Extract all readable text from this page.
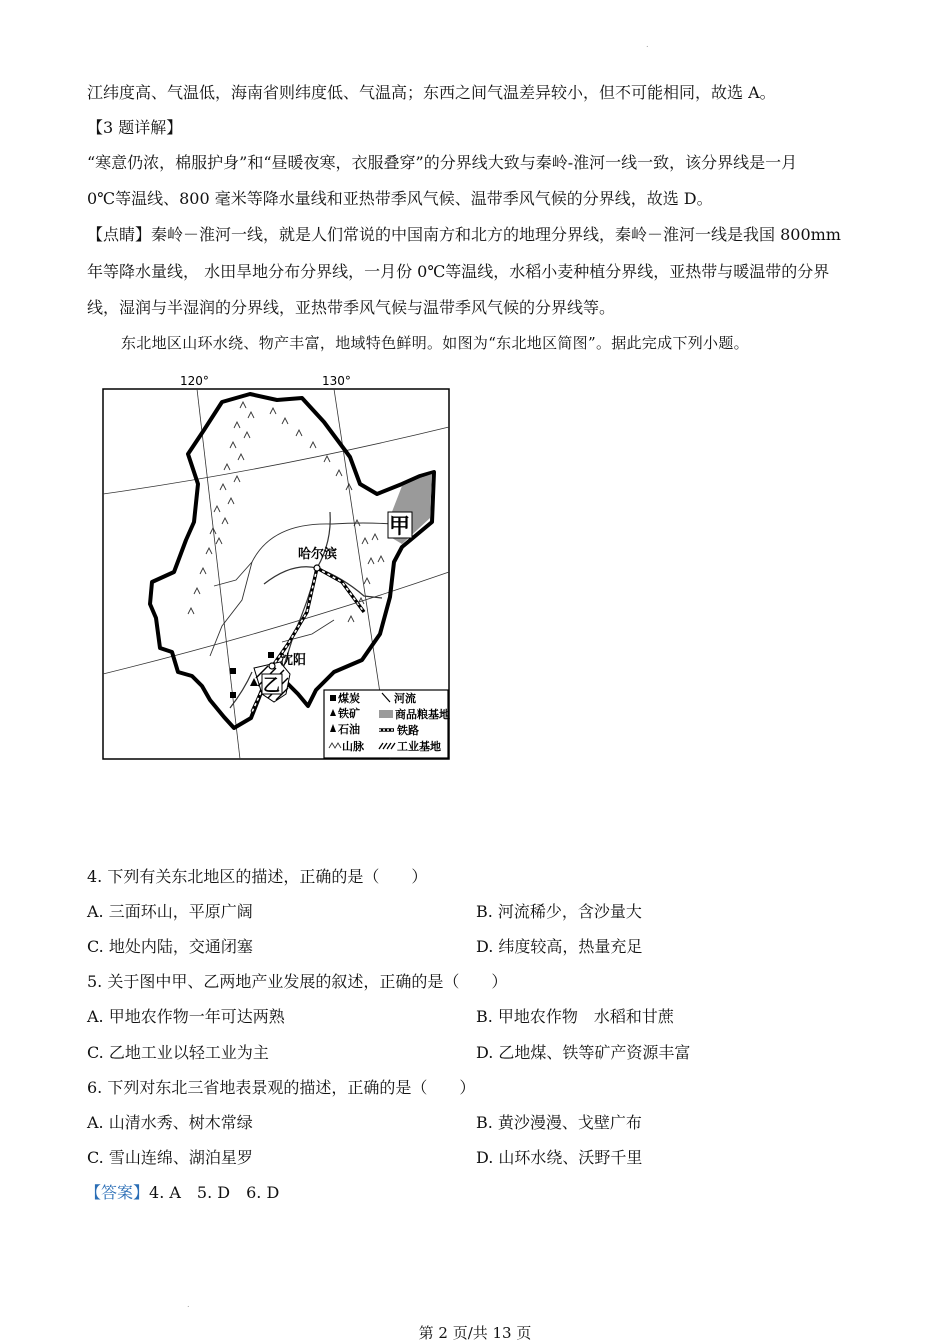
.
江纬度高、气温低，海南省则纬度低、气温高；东西之间气温差异较小，但不可能相同，故选 A。
【3 题详解】
“寒意仍浓，棉服护身”和“昼暖夜寒，衣服叠穿”的分界线大致与秦岭-淮河一线一致，该分界线是一月
0℃等温线、800 毫米等降水量线和亚热带季风气候、温带季风气候的分界线，故选 D。
【点睛】秦岭－淮河一线，就是人们常说的中国南方和北方的地理分界线，秦岭－淮河一线是我国 800mm
年等降水量线， 水田旱地分布分界线，一月份 0℃等温线，水稻小麦种植分界线，亚热带与暖温带的分界
线，湿润与半湿润的分界线，亚热带季风气候与温带季风气候的分界线等。
东北地区山环水绕、物产丰富，地域特色鲜明。如图为“东北地区简图”。据此完成下列小题。
120°	130°
甲
乙
哈尔滨
沈阳
煤炭
铁矿
石油
山脉
河流
商品粮基地
铁路
工业基地
4. 下列有关东北地区的描述，正确的是（　　）
A. 三面环山，平原广阔	B. 河流稀少，含沙量大
C. 地处内陆，交通闭塞	D. 纬度较高，热量充足
5. 关于图中甲、乙两地产业发展的叙述，正确的是（　　）
A. 甲地农作物一年可达两熟	B. 甲地农作物　水稻和甘蔗
C. 乙地工业以轻工业为主	D. 乙地煤、铁等矿产资源丰富
6. 下列对东北三省地表景观的描述，正确的是（　　）
A. 山清水秀、树木常绿	B. 黄沙漫漫、戈壁广布
C. 雪山连绵、湖泊星罗	D. 山环水绕、沃野千里
【答案】4. A　5. D　6. D
.
第 2 页/共 13 页
